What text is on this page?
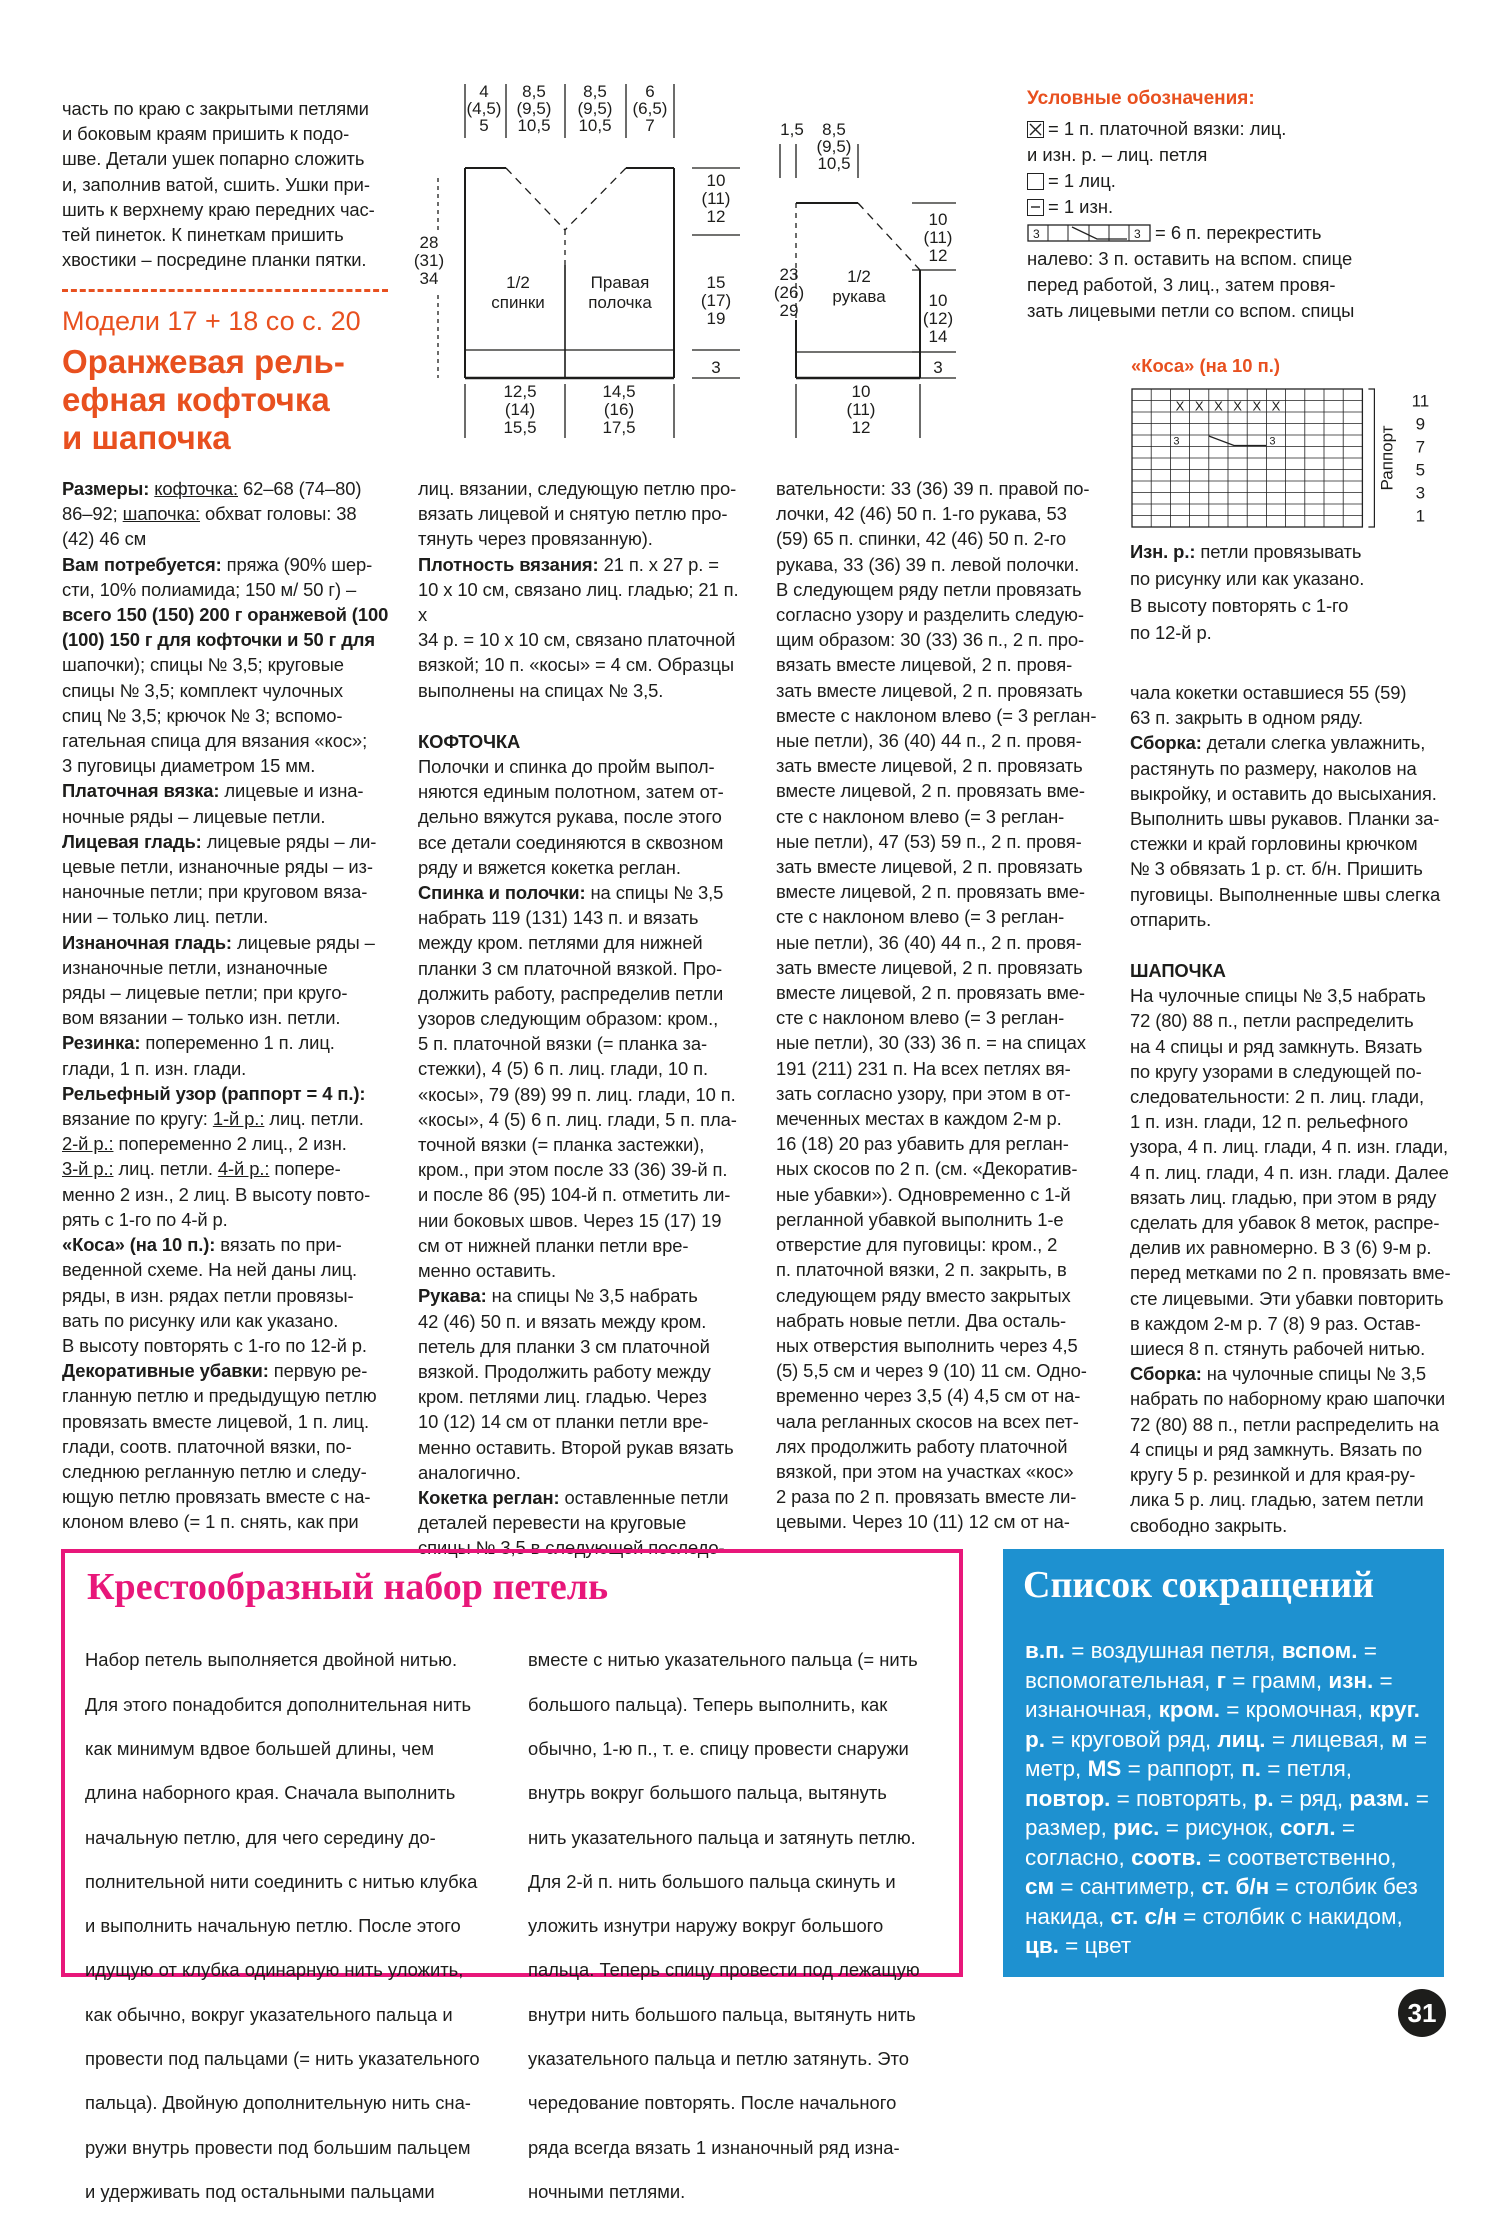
часть по краю с закрытыми петлями

и боковым краям пришить к подо-

шве. Детали ушек попарно сложить

и, заполнив ватой, сшить. Ушки при-

шить к верхнему краю передних час-

тей пинеток. К пинеткам пришить

хвостики – посредине планки пятки.

Модели 17 + 18 со с. 20
Оранжевая рель-
ефная кофточка
и шапочка

Размеры: кофточка: 62–68 (74–80)

86–92; шапочка: обхват головы: 38

(42) 46 см

Вам потребуется: пряжа (90% шер-

сти, 10% полиамида; 150 м/ 50 г) –

всего 150 (150) 200 г оранжевой (100

(100) 150 г для кофточки и 50 г для

шапочки); спицы № 3,5; круговые

спицы № 3,5; комплект чулочных

спиц № 3,5; крючок № 3; вспомо-

гательная спица для вязания «кос»;

3 пуговицы диаметром 15 мм.

Платочная вязка: лицевые и изна-

ночные ряды – лицевые петли.

Лицевая гладь: лицевые ряды – ли-

цевые петли, изнаночные ряды – из-

наночные петли; при круговом вяза-

нии – только лиц. петли.

Изнаночная гладь: лицевые ряды –

изнаночные петли, изнаночные

ряды – лицевые петли; при круго-

вом вязании – только изн. петли.

Резинка: попеременно 1 п. лиц.

глади, 1 п. изн. глади.

Рельефный узор (раппорт = 4 п.):

вязание по кругу: 1-й р.: лиц. петли.

2-й р.: попеременно 2 лиц., 2 изн.

3-й р.: лиц. петли. 4-й р.: попере-

менно 2 изн., 2 лиц. В высоту повто-

рять с 1-го по 4-й р.

«Коса» (на 10 п.): вязать по при-

веденной схеме. На ней даны лиц.

ряды, в изн. рядах петли провязы-

вать по рисунку или как указано.

В высоту повторять с 1-го по 12-й р.

Декоративные убавки: первую ре-

гланную петлю и предыдущую петлю

провязать вместе лицевой, 1 п. лиц.

глади, соотв. платочной вязки, по-

следнюю регланную петлю и следу-

ющую петлю провязать вместе с на-

клоном влево (= 1 п. снять, как при

4
(4,5)
5
8,5
(9,5)
10,5
8,5
(9,5)
10,5
6
(6,5)
7
28
(31)
34
10
(11)
12
15
(17)
19
3
1/2
спинки
Правая
полочка
12,5
(14)
15,5
14,5
(16)
17,5
1,5 8,5
(9,5)
10,5
23
(26)
29
10
(11)
12
10
(12)
14
3
1/2
рукава
10
(11)
12

лиц. вязании, следующую петлю про-

вязать лицевой и снятую петлю про-

тянуть через провязанную).

Плотность вязания: 21 п. х 27 р. =

10 х 10 см, связано лиц. гладью; 21 п. х

34 р. = 10 х 10 см, связано платочной

вязкой; 10 п. «косы» = 4 см. Образцы

выполнены на спицах № 3,5.

КОФТОЧКА

Полочки и спинка до пройм выпол-

няются единым полотном, затем от-

дельно вяжутся рукава, после этого

все детали соединяются в сквозном

ряду и вяжется кокетка реглан.

Спинка и полочки: на спицы № 3,5

набрать 119 (131) 143 п. и вязать

между кром. петлями для нижней

планки 3 см платочной вязкой. Про-

должить работу, распределив петли

узоров следующим образом: кром.,

5 п. платочной вязки (= планка за-

стежки), 4 (5) 6 п. лиц. глади, 10 п.

«косы», 79 (89) 99 п. лиц. глади, 10 п.

«косы», 4 (5) 6 п. лиц. глади, 5 п. пла-

точной вязки (= планка застежки),

кром., при этом после 33 (36) 39-й п.

и после 86 (95) 104-й п. отметить ли-

нии боковых швов. Через 15 (17) 19

см от нижней планки петли вре-

менно оставить.

Рукава: на спицы № 3,5 набрать

42 (46) 50 п. и вязать между кром.

петель для планки 3 см платочной

вязкой. Продолжить работу между

кром. петлями лиц. гладью. Через

10 (12) 14 см от планки петли вре-

менно оставить. Второй рукав вязать

аналогично.

Кокетка реглан: оставленные петли

деталей перевести на круговые

спицы № 3,5 в следующей последо-

вательности: 33 (36) 39 п. правой по-

лочки, 42 (46) 50 п. 1-го рукава, 53

(59) 65 п. спинки, 42 (46) 50 п. 2-го

рукава, 33 (36) 39 п. левой полочки.

В следующем ряду петли провязать

согласно узору и разделить следую-

щим образом: 30 (33) 36 п., 2 п. про-

вязать вместе лицевой, 2 п. провя-

зать вместе лицевой, 2 п. провязать

вместе с наклоном влево (= 3 реглан-

ные петли), 36 (40) 44 п., 2 п. провя-

зать вместе лицевой, 2 п. провязать

вместе лицевой, 2 п. провязать вме-

сте с наклоном влево (= 3 реглан-

ные петли), 47 (53) 59 п., 2 п. провя-

зать вместе лицевой, 2 п. провязать

вместе лицевой, 2 п. провязать вме-

сте с наклоном влево (= 3 реглан-

ные петли), 36 (40) 44 п., 2 п. провя-

зать вместе лицевой, 2 п. провязать

вместе лицевой, 2 п. провязать вме-

сте с наклоном влево (= 3 реглан-

ные петли), 30 (33) 36 п. = на спицах

191 (211) 231 п. На всех петлях вя-

зать согласно узору, при этом в от-

меченных местах в каждом 2-м р.

16 (18) 20 раз убавить для реглан-

ных скосов по 2 п. (см. «Декоратив-

ные убавки»). Одновременно с 1-й

регланной убавкой выполнить 1-е

отверстие для пуговицы: кром., 2

п. платочной вязки, 2 п. закрыть, в

следующем ряду вместо закрытых

набрать новые петли. Два осталь-

ных отверстия выполнить через 4,5

(5) 5,5 см и через 9 (10) 11 см. Одно-

временно через 3,5 (4) 4,5 см от на-

чала регланных скосов на всех пет-

лях продолжить работу платочной

вязкой, при этом на участках «кос»

2 раза по 2 п. провязать вместе ли-

цевыми. Через 10 (11) 12 см от на-

Условные обозначения:
= 1 п. платочной вязки: лиц.
и изн. р. – лиц. петля
= 1 лиц.
= 1 изн.
3	3 = 6 п. перекрестить
налево: 3 п. оставить на вспом. спице
перед работой, 3 лиц., затем провя-
зать лицевыми петли со вспом. спицы
«Коса» (на 10 п.)
X X X X X X
3	3	Раппорт
11
9
7
5
3
1

Изн. р.: петли провязывать

по рисунку или как указано.

В высоту повторять с 1-го

по 12-й р.

чала кокетки оставшиеся 55 (59)

63 п. закрыть в одном ряду.

Сборка: детали слегка увлажнить,

растянуть по размеру, наколов на

выкройку, и оставить до высыхания.

Выполнить швы рукавов. Планки за-

стежки и край горловины крючком

№ 3 обвязать 1 р. ст. б/н. Пришить

пуговицы. Выполненные швы слегка

отпарить.

ШАПОЧКА

На чулочные спицы № 3,5 набрать

72 (80) 88 п., петли распределить

на 4 спицы и ряд замкнуть. Вязать

по кругу узорами в следующей по-

следовательности: 2 п. лиц. глади,

1 п. изн. глади, 12 п. рельефного

узора, 4 п. лиц. глади, 4 п. изн. глади,

4 п. лиц. глади, 4 п. изн. глади. Далее

вязать лиц. гладью, при этом в ряду

сделать для убавок 8 меток, распре-

делив их равномерно. В 3 (6) 9-м р.

перед метками по 2 п. провязать вме-

сте лицевыми. Эти убавки повторить

в каждом 2-м р. 7 (8) 9 раз. Остав-

шиеся 8 п. стянуть рабочей нитью.

Сборка: на чулочные спицы № 3,5

набрать по наборному краю шапочки

72 (80) 88 п., петли распределить на

4 спицы и ряд замкнуть. Вязать по

кругу 5 р. резинкой и для края-ру-

лика 5 р. лиц. гладью, затем петли

свободно закрыть.

Крестообразный набор петель

Набор петель выполняется двойной нитью.

Для этого понадобится дополнительная нить

как минимум вдвое большей длины, чем

длина наборного края. Сначала выполнить

начальную петлю, для чего середину до-

полнительной нити соединить с нитью клубка

и выполнить начальную петлю. После этого

идущую от клубка одинарную нить уложить,

как обычно, вокруг указательного пальца и

провести под пальцами (= нить указательного

пальца). Двойную дополнительную нить сна-

ружи внутрь провести под большим пальцем

и удерживать под остальными пальцами

вместе с нитью указательного пальца (= нить

большого пальца). Теперь выполнить, как

обычно, 1-ю п., т. е. спицу провести снаружи

внутрь вокруг большого пальца, вытянуть

нить указательного пальца и затянуть петлю.

Для 2-й п. нить большого пальца скинуть и

уложить изнутри наружу вокруг большого

пальца. Теперь спицу провести под лежащую

внутри нить большого пальца, вытянуть нить

указательного пальца и петлю затянуть. Это

чередование повторять. После начального

ряда всегда вязать 1 изнаночный ряд изна-

ночными петлями.

Список сокращений
в.п. = воздушная петля, вспом. = вспомогательная, г = грамм, изн. = изнаночная, кром. = кромочная, круг. р. = круговой ряд, лиц. = лицевая, м = метр, MS = раппорт, п. = петля, повтор. = повторять, р. = ряд, разм. = размер, рис. = рисунок, согл. = согласно, соотв. = соответственно, см = сантиметр, ст. б/н = столбик без накида, ст. с/н = столбик с накидом, цв. = цвет
31
